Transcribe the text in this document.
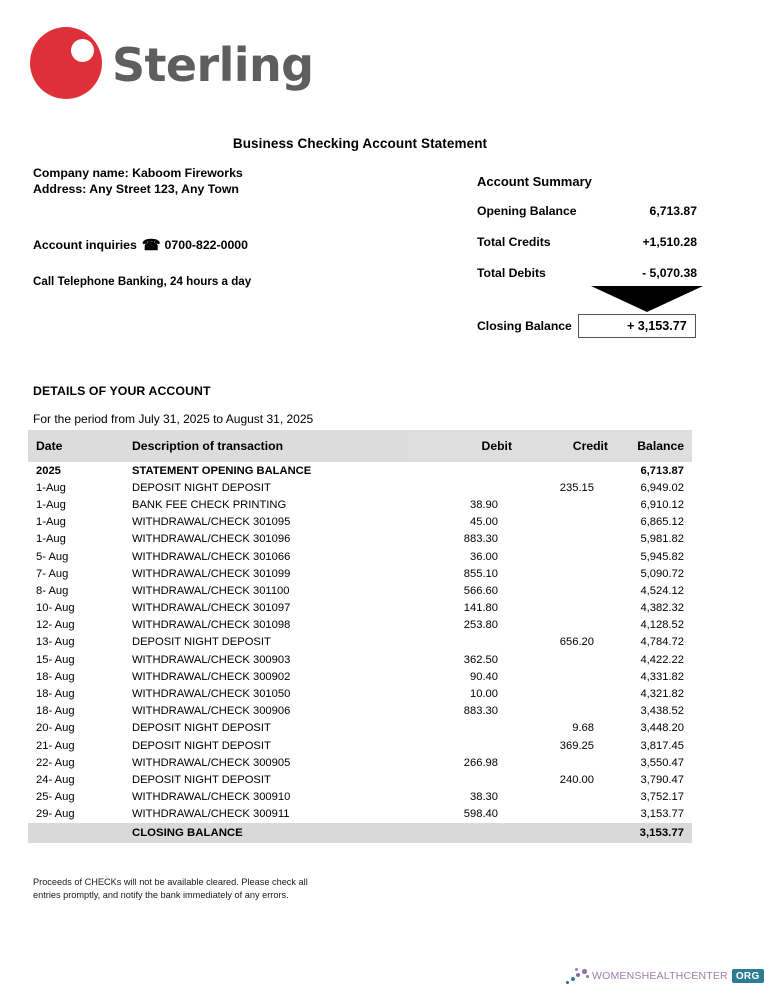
Sterling
Business Checking Account Statement
Company name: Kaboom Fireworks
Address: Any Street 123, Any Town
Account inquiries ☎ 0700-822-0000
Call Telephone Banking, 24 hours a day
Account Summary
Opening Balance	6,713.87
Total Credits	+1,510.28
Total Debits	- 5,070.38
Closing Balance	+ 3,153.77
DETAILS OF YOUR ACCOUNT
For the period from July 31, 2025 to August 31, 2025
Date	Description of transaction	Debit	Credit	Balance
2025	STATEMENT OPENING BALANCE			6,713.87
1-Aug	DEPOSIT NIGHT DEPOSIT		235.15	6,949.02
1-Aug	BANK FEE CHECK PRINTING	38.90		6,910.12
1-Aug	WITHDRAWAL/CHECK 301095	45.00		6,865.12
1-Aug	WITHDRAWAL/CHECK 301096	883.30		5,981.82
5- Aug	WITHDRAWAL/CHECK 301066	36.00		5,945.82
7- Aug	WITHDRAWAL/CHECK 301099	855.10		5,090.72
8- Aug	WITHDRAWAL/CHECK 301100	566.60		4,524.12
10- Aug	WITHDRAWAL/CHECK 301097	141.80		4,382.32
12- Aug	WITHDRAWAL/CHECK 301098	253.80		4,128.52
13- Aug	DEPOSIT NIGHT DEPOSIT		656.20	4,784.72
15- Aug	WITHDRAWAL/CHECK 300903	362.50		4,422.22
18- Aug	WITHDRAWAL/CHECK 300902	90.40		4,331.82
18- Aug	WITHDRAWAL/CHECK 301050	10.00		4,321.82
18- Aug	WITHDRAWAL/CHECK 300906	883.30		3,438.52
20- Aug	DEPOSIT NIGHT DEPOSIT		9.68	3,448.20
21- Aug	DEPOSIT NIGHT DEPOSIT		369.25	3,817.45
22- Aug	WITHDRAWAL/CHECK 300905	266.98		3,550.47
24- Aug	DEPOSIT NIGHT DEPOSIT		240.00	3,790.47
25- Aug	WITHDRAWAL/CHECK 300910	38.30		3,752.17
29- Aug	WITHDRAWAL/CHECK 300911	598.40		3,153.77
	CLOSING BALANCE			3,153.77
Proceeds of CHECKs will not be available cleared. Please check all entries promptly, and notify the bank immediately of any errors.
WOMENSHEALTHCENTER ORG
